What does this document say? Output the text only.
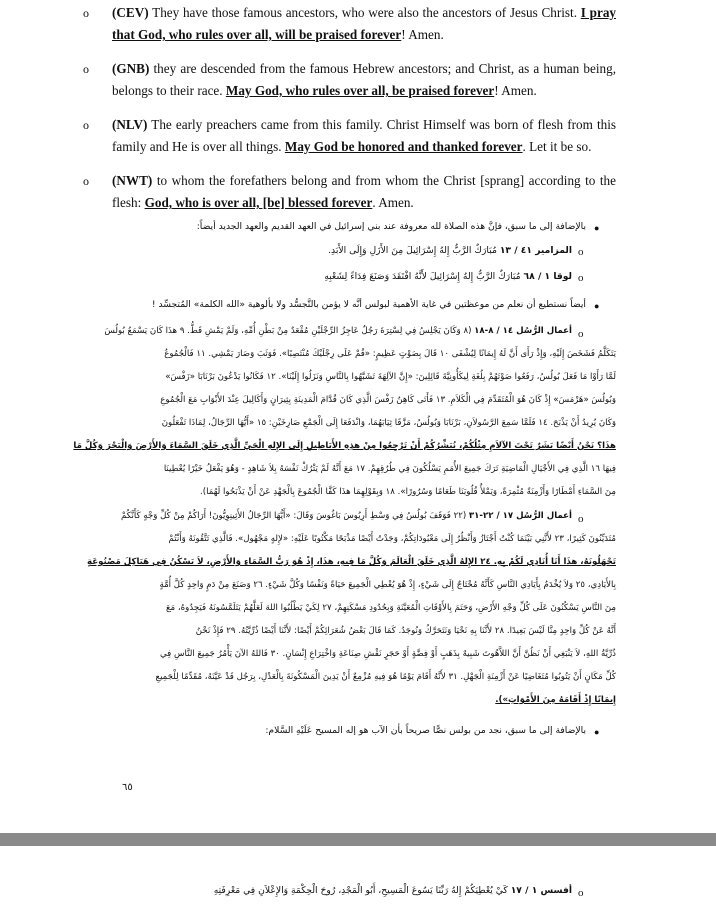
o	(CEV) They have those famous ancestors, who were also the ancestors of Jesus Christ. I pray that God, who rules over all, will be praised forever! Amen.
o	(GNB) they are descended from the famous Hebrew ancestors; and Christ, as a human being, belongs to their race. May God, who rules over all, be praised forever! Amen.
o	(NLV) The early preachers came from this family. Christ Himself was born of flesh from this family and He is over all things. May God be honored and thanked forever. Let it be so.
o	(NWT) to whom the forefathers belong and from whom the Christ [sprang] according to the flesh: God, who is over all, [be] blessed forever. Amen.
●
بالإضافة إلى ما سبق، فإنَّ هذه الصلاة لله معروفة عند بني إسرائيل في العهد القديم والعهد الجديد أيضاً:
o
المزامير ٤١ / ١٣ مُبَارَكٌ الرَّبُّ إِلهُ إِسْرَائِيلَ مِنَ الأَزَلِ وَإِلَى الأَبَدِ.
o
لوقا ١ / ٦٨ مُبَارَكٌ الرَّبُّ إِلهُ إِسْرَائِيلَ لأَنَّهُ افْتَقَدَ وَصَنَعَ فِدَاءً لِشَعْبِهِ
●
أيضاً نستطيع أن نعلم من موعظتين في غاية الأهمية لبولس أنَّه لا يؤمن بالتَّجسُّد ولا بألوهية «الله الكلمة» المُتجسِّد !
o
أعمال الرُّسُل ١٤ / ٨-١٨ (٨ وَكَانَ يَجْلِسُ فِي لِسْتِرَةَ رَجُلٌ عَاجِزُ الرِّجْلَيْنِ مُقْعَدٌ مِنْ بَطْنِ أُمِّهِ، وَلَمْ يَمْشِ قَطُّ. ٩ هذَا كَانَ يَسْمَعُ بُولُسَ
يَتَكَلَّمُ فَشَخَصَ إِلَيْهِ، وَإِذْ رَأَى أَنَّ لَهُ إِيمَانًا لِيُشْفَى ١٠ قَالَ بِصَوْتٍ عَظِيمٍ: «قُمْ عَلَى رِجْلَيْكَ مُنْتَصِبًا». فَوَثَبَ وَصَارَ يَمْشِي. ١١ فَالْجُمُوعُ
لَمَّا رَأَوْا مَا فَعَلَ بُولُسُ، رَفَعُوا صَوْتَهُمْ بِلُغَةِ لِيكَأُونِيَّةَ قَائِلِينَ: «إِنَّ الآلِهَةَ تَشَبَّهُوا بِالنَّاسِ وَنَزَلُوا إِلَيْنَا». ١٢ فَكَانُوا يَدْعُونَ بَرْنَابَا «زَفْسَ»
وَبُولُسَ «هَرْمَسَ» إِذْ كَانَ هُوَ الْمُتَقَدِّمَ فِي الْكَلاَمِ. ١٣ فَأَتَى كَاهِنُ زَفْسَ الَّذِي كَانَ قُدَّامَ الْمَدِينَةِ بِثِيرَانٍ وَأَكَالِيلَ عِنْدَ الأَبْوَابِ مَعَ الْجُمُوعِ
وَكَانَ يُرِيدُ أَنْ يَذْبَحَ. ١٤ فَلَمَّا سَمِعَ الرَّسُولاَنِ، بَرْنَابَا وَبُولُسُ، مَزَّقَا ثِيَابَهُمَا، وَانْدَفَعَا إِلَى الْجَمْعِ صَارِخَيْنِ: ١٥ «أَيُّهَا الرِّجَالُ، لِمَاذَا تَفْعَلُونَ
هذَا؟ نَحْنُ أَيْضًا بَشَرٌ تَحْتَ الآلاَمِ مِثْلُكُمْ، نُبَشِّرُكُمْ أَنْ تَرْجِعُوا مِنْ هذِهِ الأَبَاطِيلِ إِلَى الإِلهِ الْحَيِّ الَّذِي خَلَقَ السَّمَاءَ وَالأَرْضَ وَالْبَحْرَ وَكُلَّ مَا
فِيهَا ١٦ الَّذِي فِي الأَجْيَالِ الْمَاضِيَةِ تَرَكَ جَمِيعَ الأُمَمِ يَسْلُكُونَ فِي طُرُقِهِمْ. ١٧ مَعَ أَنَّهُ لَمْ يَتْرُكْ نَفْسَهُ بِلاَ شَاهِدٍ - وَهُوَ يَفْعَلُ خَيْرًا يُعْطِينَا
مِنَ السَّمَاءِ أَمْطَارًا وَأَزْمِنَةً مُثْمِرَةً، وَيَمْلأُ قُلُوبَنَا طَعَامًا وَسُرُورًا». ١٨ وَبِقَوْلِهِمَا هذَا كَفَّا الْجُمُوعَ بِالْجَهْدِ عَنْ أَنْ يَذْبَحُوا لَهُمَا).
o
أعمال الرُّسُل ١٧ / ٢٢-٣١ (٢٢ فَوَقَفَ بُولُسُ فِي وَسْطِ أَرِيُوسَ بَاغُوسَ وَقَالَ: «أَيُّهَا الرِّجَالُ الأَثِينِوِيُّونَ! أَرَاكُمْ مِنْ كُلِّ وَجْهٍ كَأَنَّكُمْ
مُتَدَيِّنُونَ كَثِيرًا، ٢٣ لأَنَّنِي بَيْنَمَا كُنْتُ أَجْتَازُ وَأَنْظُرُ إِلَى مَعْبُودَاتِكُمْ، وَجَدْتُ أَيْضًا مَذْبَحًا مَكْتُوبًا عَلَيْهِ: «لإِلهٍ مَجْهُول». فَالَّذِي تَتَّقُونَهُ وَأَنْتُمْ
تَجْهَلُونَهُ، هذَا أَنَا أُنَادِي لَكُمْ بِهِ. ٢٤ الإِلهُ الَّذِي خَلَقَ الْعَالَمَ وَكُلَّ مَا فِيهِ، هذَا، إِذْ هُوَ رَبُّ السَّمَاءِ وَالأَرْضِ، لاَ يَسْكُنُ فِي هَيَاكِلَ مَصْنُوعَةٍ
بِالأَيَادِي، ٢٥ وَلاَ يُخْدَمُ بِأَيَادِي النَّاسِ كَأَنَّهُ مُحْتَاجٌ إِلَى شَيْءٍ، إِذْ هُوَ يُعْطِي الْجَمِيعَ حَيَاةً وَنَفْسًا وَكُلَّ شَيْءٍ. ٢٦ وَصَنَعَ مِنْ دَمٍ وَاحِدٍ كُلَّ أُمَّةٍ
مِنَ النَّاسِ يَسْكُنُونَ عَلَى كُلِّ وَجْهِ الأَرْضِ، وَحَتَمَ بِالأَوْقَاتِ الْمُعَيَّنَةِ وَبِحُدُودِ مَسْكَنِهِمْ، ٢٧ لِكَيْ يَطْلُبُوا اللهَ لَعَلَّهُمْ يَتَلَمَّسُونَهُ فَيَجِدُوهُ، مَعَ
أَنَّهُ عَنْ كُلِّ وَاحِدٍ مِنَّا لَيْسَ بَعِيدًا. ٢٨ لأَنَّنَا بِهِ نَحْيَا وَنَتَحَرَّكُ وَنُوجَدُ. كَمَا قَالَ بَعْضُ شُعَرَائِكُمْ أَيْضًا: لأَنَّنَا أَيْضًا ذُرِّيَّتُهُ. ٢٩ فَإِذْ نَحْنُ
ذُرِّيَّةُ اللهِ، لاَ يَنْبَغِي أَنْ نَظُنَّ أَنَّ اللاَّهُوتَ شَبِيهٌ بِذَهَبٍ أَوْ فِضَّةٍ أَوْ حَجَرٍ نَقْشِ صِنَاعَةِ وَاخْتِرَاعِ إِنْسَانٍ. ٣٠ فَاللهُ الآنَ يَأْمُرُ جَمِيعَ النَّاسِ فِي
كُلِّ مَكَانٍ أَنْ يَتُوبُوا مُتَغَاضِيًا عَنْ أَزْمِنَةِ الْجَهْلِ. ٣١ لأَنَّهُ أَقَامَ يَوْمًا هُوَ فِيهِ مُزْمِعٌ أَنْ يَدِينَ الْمَسْكُونَةَ بِالْعَدْلِ، بِرَجُل قَدْ عَيَّنَهُ، مُقَدِّمًا لِلْجَمِيعِ
إِيمَانًا إِذْ أَقَامَهُ مِنَ الأَمْوَاتِ»).
●
بالإضافة إلى ما سبق، نجد من بولس نصًّا صريحاً بأن الآب هو إله المسيح عَلَيْهِ السَّلام:
٦٥
o
أفسس ١ / ١٧ كَيْ يُعْطِيَكُمْ إِلهُ رَبِّنَا يَسُوعَ الْمَسِيحِ، أَبُو الْمَجْدِ، رُوحَ الْحِكْمَةِ وَالإِعْلاَنِ فِي مَعْرِفَتِهِ
